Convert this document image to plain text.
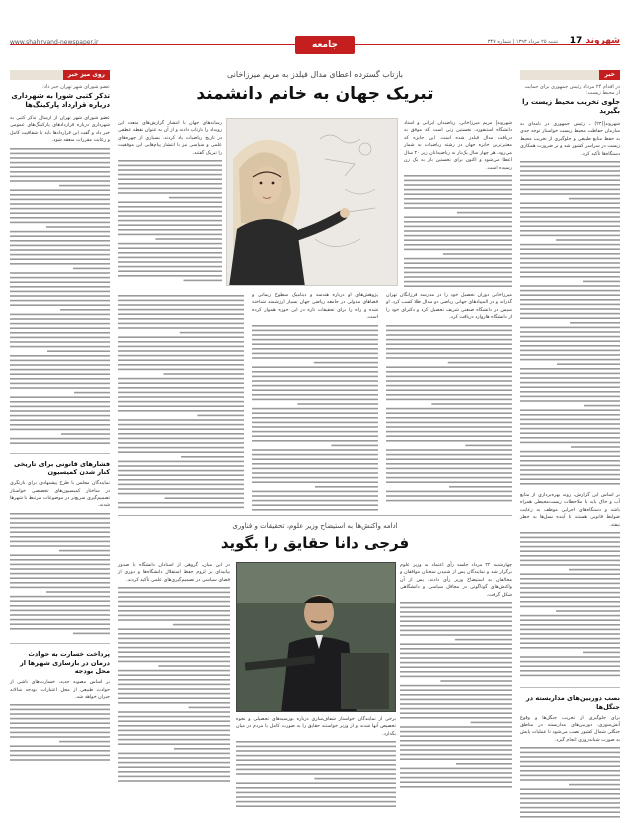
شهروند 17
شنبه ۲۵ مرداد ۱۳۹۳ | شماره ۳۴۷
جامعه
www.shahrvand-newspaper.ir
خبر
در اقدام ۲۴ مرداد رئیس جمهوری برای حمایت از محیط زیست:
جلوی تخریب محیط زیست را بگیرید
شهروند|(۲۴) ـ رئیس جمهوری در نامه‌ای به سازمان حفاظت محیط زیست خواستار توجه جدی به حفظ منابع طبیعی و جلوگیری از تخریب محیط زیست در سراسر کشور شد و بر ضرورت همکاری دستگاه‌ها تأکید کرد.
بر اساس این گزارش، روند بهره‌برداری از منابع آب و خاک باید با ملاحظات زیست‌محیطی همراه باشد و دستگاه‌های اجرایی موظف به رعایت ضوابط قانونی هستند تا آینده نسل‌ها به خطر نیفتد.
نصب دوربین‌های مداربسته در جنگل‌ها
برای جلوگیری از تخریب جنگل‌ها و وقوع آتش‌سوزی، دوربین‌های مداربسته در مناطق جنگلی شمال کشور نصب می‌شود تا عملیات پایش به صورت شبانه‌روزی انجام گیرد.
روی میز خبر
عضو شورای شهر تهران خبر داد:
تذکر کتبی شورا به شهرداری درباره قرارداد پارکینگ‌ها
عضو شورای شهر تهران از ارسال تذکر کتبی به شهرداری درباره قراردادهای پارکینگ‌های عمومی خبر داد و گفت این قراردادها باید با شفافیت کامل و رعایت مقررات منعقد شود.
فشارهای قانونی برای تاریخی کنار شدن کمیسیون
نمایندگان مجلس با طرح پیشنهادی برای بازنگری در ساختار کمیسیون‌های تخصصی خواستار تصمیم‌گیری سریع‌تر در موضوعات مرتبط با شهرها شدند.
پرداخت خسارت به حوادث درمان در بازسازی شهرها از محل بودجه
بر اساس مصوبه جدید، خسارت‌های ناشی از حوادث طبیعی از محل اعتبارات بودجه سالانه جبران خواهد شد.
بازتاب گسترده اعطای مدال فیلدز به مریم میرزاخانی
تبریک جهان به خانم دانشمند
شهروند| مریم میرزاخانی، ریاضیدان ایرانی و استاد دانشگاه استنفورد، نخستین زنی است که موفق به دریافت مدال فیلدز شده است. این جایزه که معتبرترین جایزه جهان در رشته ریاضیات به شمار می‌رود، هر چهار سال یک‌بار به ریاضیدانان زیر ۴۰ سال اعطا می‌شود و اکنون برای نخستین بار به یک زن رسیده است.
رسانه‌های جهان با انتشار گزارش‌های متعدد این رویداد را بازتاب دادند و از آن به عنوان نقطه عطفی در تاریخ ریاضیات یاد کردند. بسیاری از چهره‌های علمی و سیاسی نیز با انتشار پیام‌هایی این موفقیت را تبریک گفتند.
میرزاخانی دوران تحصیل خود را در مدرسه فرزانگان تهران گذراند و در المپیادهای جهانی ریاضی دو مدال طلا کسب کرد. او سپس در دانشگاه صنعتی شریف تحصیل کرد و دکترای خود را از دانشگاه هاروارد دریافت کرد.
پژوهش‌های او درباره هندسه و دینامیک سطوح ریمانی و فضاهای مدولی در جامعه ریاضی جهان بسیار ارزشمند شناخته شده و راه را برای تحقیقات تازه در این حوزه هموار کرده است.
ادامه واکنش‌ها به استیضاح وزیر علوم، تحقیقات و فناوری
فرجی دانا حقایق را بگوید
چهارشنبه ۲۲ مرداد جلسه رأی اعتماد به وزیر علوم برگزار شد و نمایندگان پس از شنیدن سخنان موافقان و مخالفان به استیضاح وزیر رأی دادند. پس از آن واکنش‌های گوناگونی در محافل سیاسی و دانشگاهی شکل گرفت.
برخی از نمایندگان خواستار شفاف‌سازی درباره بورسیه‌های تحصیلی و نحوه تخصیص آنها شدند و از وزیر خواستند حقایق را به صورت کامل با مردم در میان بگذارد.
در این میان، گروهی از استادان دانشگاه با صدور بیانیه‌ای بر لزوم حفظ استقلال دانشگاه‌ها و دوری از فضای سیاسی در تصمیم‌گیری‌های علمی تأکید کردند.
